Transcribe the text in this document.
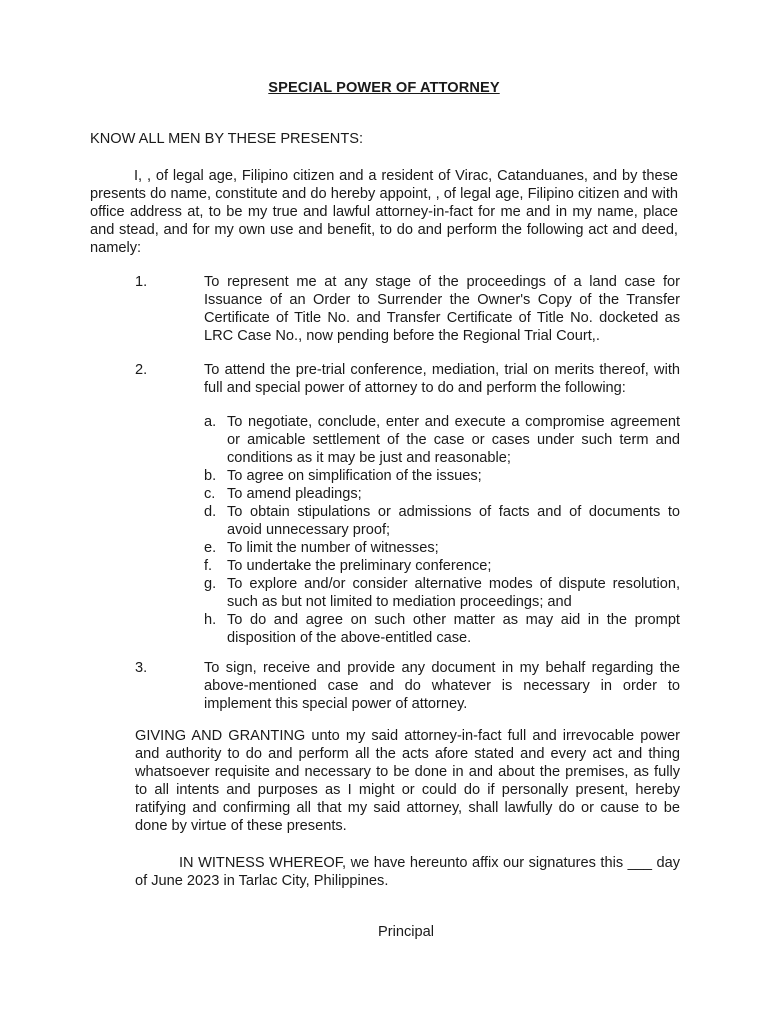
SPECIAL POWER OF ATTORNEY
KNOW ALL MEN BY THESE PRESENTS:

I, , of legal age, Filipino citizen and a resident of Virac, Catanduanes, and by these presents do name, constitute and do hereby appoint, , of legal age, Filipino citizen and with office address at, to be my true and lawful attorney-in-fact for me and in my name, place and stead, and for my own use and benefit, to do and perform the following act and deed, namely:

1.	To represent me at any stage of the proceedings of a land case for Issuance of an Order to Surrender the Owner's Copy of the Transfer Certificate of Title No. and Transfer Certificate of Title No. docketed as LRC Case No., now pending before the Regional Trial Court,.
2.	To attend the pre-trial conference, mediation, trial on merits thereof, with full and special power of attorney to do and perform the following:
a. To negotiate, conclude, enter and execute a compromise agreement or amicable settlement of the case or cases under such term and conditions as it may be just and reasonable;
b. To agree on simplification of the issues;
c. To amend pleadings;
d. To obtain stipulations or admissions of facts and of documents to avoid unnecessary proof;
e. To limit the number of witnesses;
f. To undertake the preliminary conference;
g. To explore and/or consider alternative modes of dispute resolution, such as but not limited to mediation proceedings; and
h. To do and agree on such other matter as may aid in the prompt disposition of the above-entitled case.
3.	To sign, receive and provide any document in my behalf regarding the above-mentioned case and do whatever is necessary in order to implement this special power of attorney.

GIVING AND GRANTING unto my said attorney-in-fact full and irrevocable power and authority to do and perform all the acts afore stated and every act and thing whatsoever requisite and necessary to be done in and about the premises, as fully to all intents and purposes as I might or could do if personally present, hereby ratifying and confirming all that my said attorney, shall lawfully do or cause to be done by virtue of these presents.

IN WITNESS WHEREOF, we have hereunto affix our signatures this ___ day of June 2023 in Tarlac City, Philippines.

Principal
